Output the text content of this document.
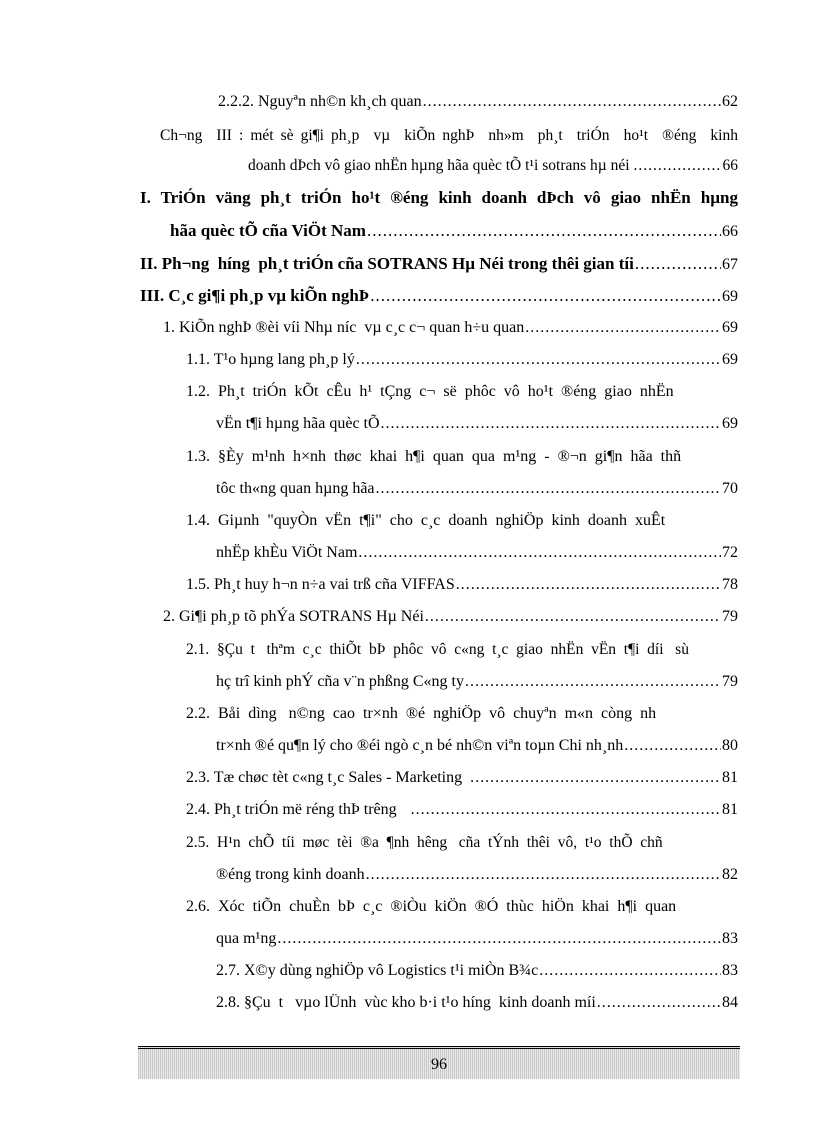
2.2.2. Nguyªn nh©n kh¸ch quan .....	62
Ch¬ng  III : mét sè gi¶i ph¸p  vµ  kiÕn nghÞ  nh»m  ph¸t  triÓn  ho¹t  ®éng  kinh
doanh dÞch vô giao nhËn hµng hãa quèc tÕ t¹i sotrans hµ néi .....	66
I. TriÓn väng ph¸t triÓn ho¹t ®éng kinh doanh dÞch vô giao nhËn hµng
hãa quèc tÕ cña ViÖt Nam .....	66
II. Ph¬ng  híng  ph¸t triÓn cña SOTRANS Hµ Néi trong thêi gian tíi .....	67
III. C¸c gi¶i ph¸p vµ kiÕn nghÞ .....	69
1. KiÕn nghÞ ®èi víi Nhµ níc  vµ c¸c c¬ quan h÷u quan .....	69
1.1. T¹o hµng lang ph¸p lý .....	69
1.2.  Ph¸t  triÓn  kÕt  cÊu  h¹  tÇng  c¬  së  phôc  vô  ho¹t  ®éng  giao  nhËn
vËn t¶i hµng hãa quèc tÕ .....	69
1.3.  §Èy  m¹nh  h×nh  thøc  khai  h¶i  quan  qua  m¹ng  -  ®¬n  gi¶n  hãa  thñ
tôc th«ng quan hµng hãa .....	70
1.4.  Giµnh  "quyÒn  vËn  t¶i"  cho  c¸c  doanh  nghiÖp  kinh  doanh  xuÊt
nhËp khÈu ViÖt Nam .....	72
1.5. Ph¸t huy h¬n n÷a vai trß cña VIFFAS .....	78
2. Gi¶i ph¸p tõ phÝa SOTRANS Hµ Néi .....	79
2.1.  §Çu  t   thªm  c¸c  thiÕt  bÞ  phôc  vô  c«ng  t¸c  giao  nhËn  vËn  t¶i  díi   sù
hç trî kinh phÝ cña v¨n phßng C«ng ty .....	79
2.2.  Båi  dìng   n©ng  cao  tr×nh  ®é  nghiÖp  vô  chuyªn  m«n  còng  nh
tr×nh ®é qu¶n lý cho ®éi ngò c¸n bé nh©n viªn toµn Chi nh¸nh .....	80
2.3. Tæ chøc tèt c«ng t¸c Sales - Marketing .....	81
2.4. Ph¸t triÓn më réng thÞ trêng .....	81
2.5.  H¹n  chÕ  tíi  møc  tèi  ®a  ¶nh  hêng   cña  tÝnh  thêi  vô,  t¹o  thÕ  chñ
®éng trong kinh doanh .....	82
2.6.  Xóc  tiÕn  chuÈn  bÞ  c¸c  ®iÒu  kiÖn  ®Ó  thùc  hiÖn  khai  h¶i  quan
qua m¹ng .....	83
2.7. X©y dùng nghiÖp vô Logistics t¹i miÒn B¾c .....	83
2.8. §Çu  t   vµo lÜnh  vùc kho b·i t¹o híng  kinh doanh míi .....	84
96
